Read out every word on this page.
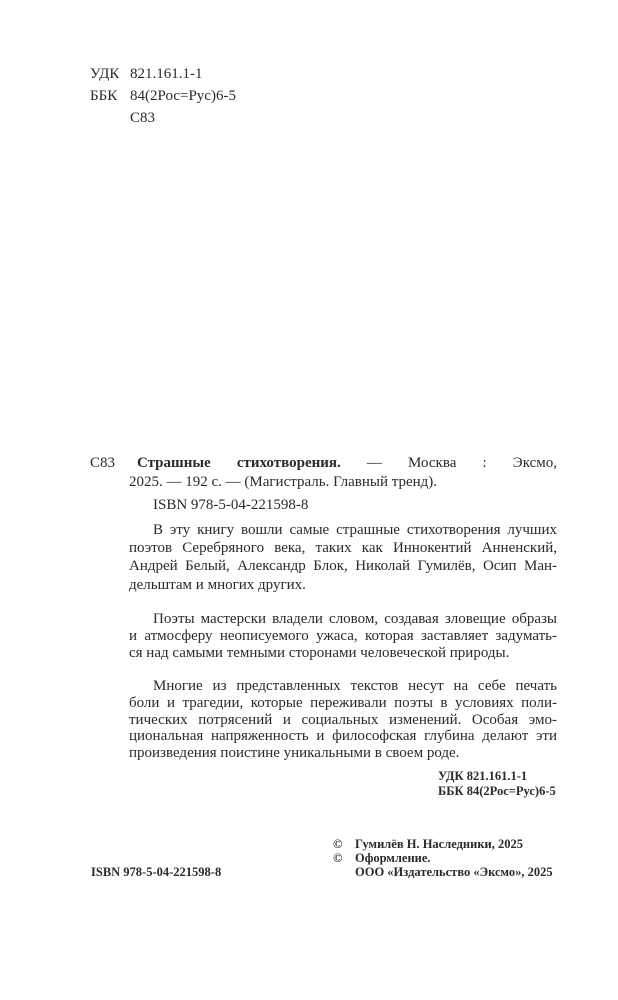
УДК 821.161.1-1
ББК 84(2Рос=Рус)6-5
С83
С83 Страшные стихотворения. — Москва : Эксмо,
2025. — 192 с. — (Магистраль. Главный тренд).
ISBN 978-5-04-221598-8
В эту книгу вошли самые страшные стихотворения лучших
поэтов Серебряного века, таких как Иннокентий Анненский,
Андрей Белый, Александр Блок, Николай Гумилёв, Осип Ман-
дельштам и многих других.
Поэты мастерски владели словом, создавая зловещие образы
и атмосферу неописуемого ужаса, которая заставляет задумать-
ся над самыми темными сторонами человеческой природы.
Многие из представленных текстов несут на себе печать
боли и трагедии, которые переживали поэты в условиях поли-
тических потрясений и социальных изменений. Особая эмо-
циональная напряженность и философская глубина делают эти
произведения поистине уникальными в своем роде.
УДК 821.161.1-1
ББК 84(2Рос=Рус)6-5
© Гумилёв Н. Наследники, 2025
© Оформление.
ООО «Издательство «Эксмо», 2025
ISBN 978-5-04-221598-8
